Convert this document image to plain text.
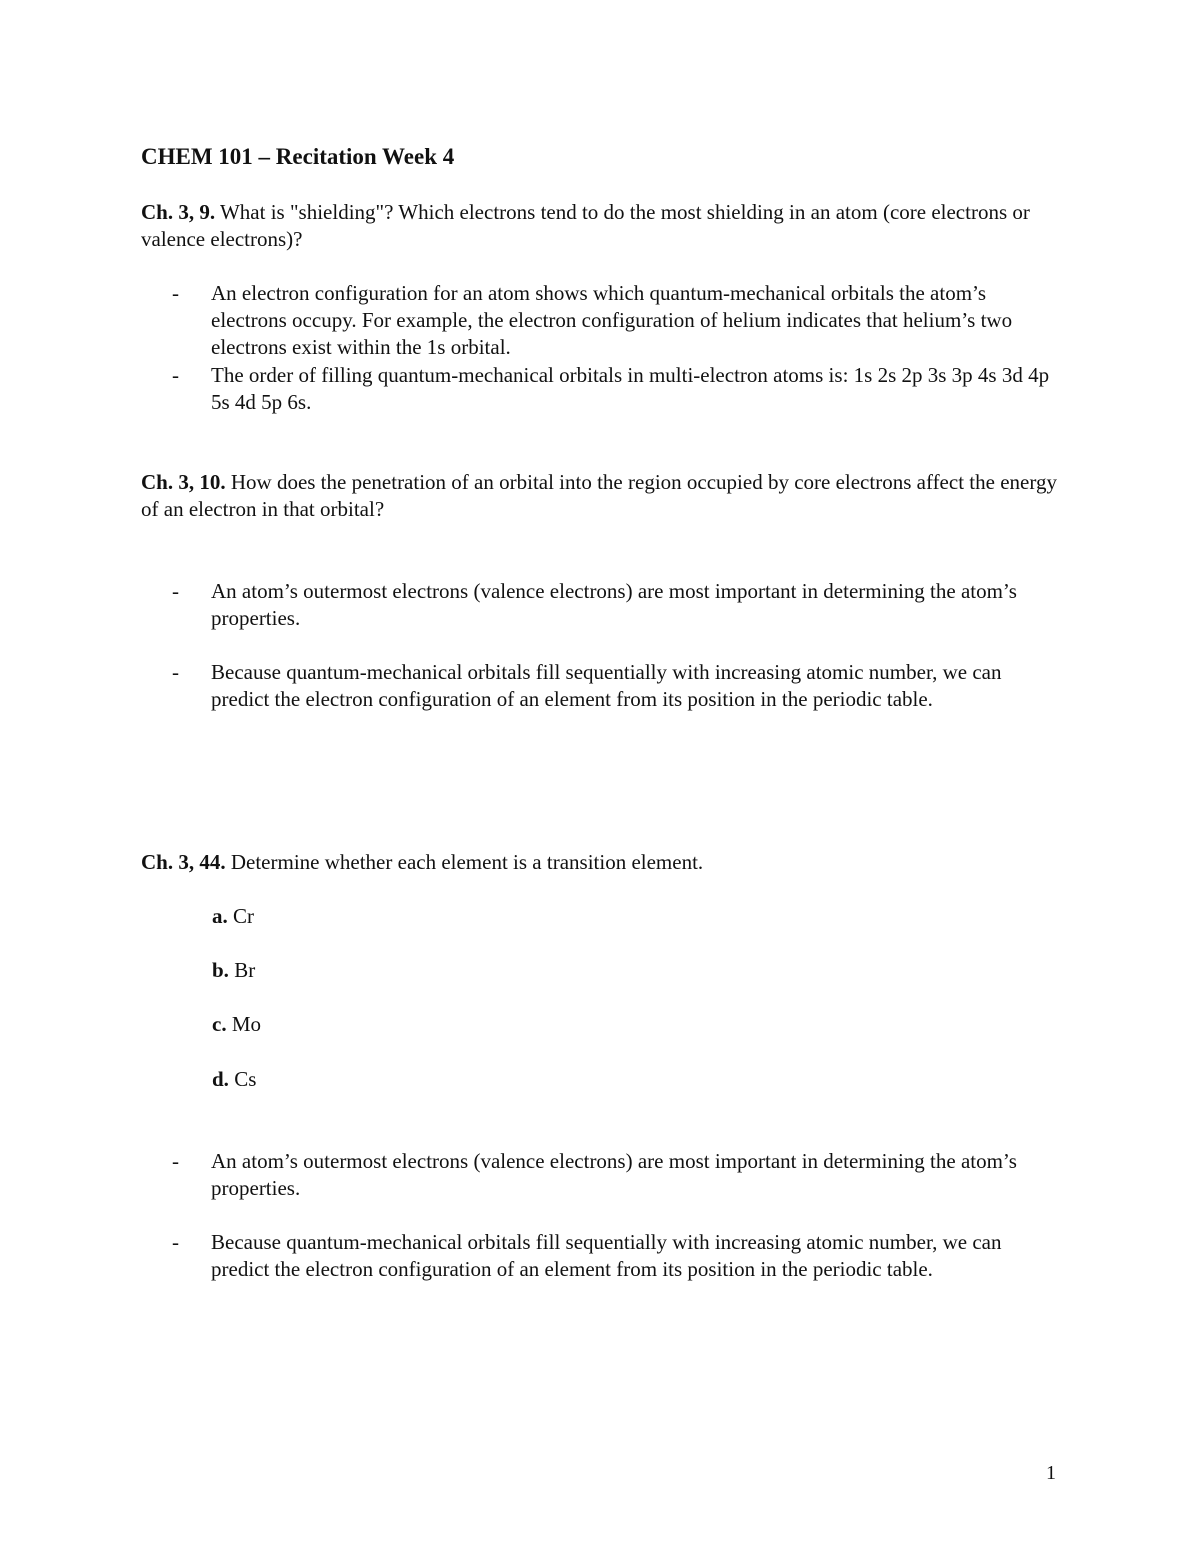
CHEM 101 – Recitation Week 4

Ch. 3, 9. What is "shielding"? Which electrons tend to do the most shielding in an atom (core electrons or valence electrons)?

- An electron configuration for an atom shows which quantum-mechanical orbitals the atom’s electrons occupy. For example, the electron configuration of helium indicates that helium’s two electrons exist within the 1s orbital.
- The order of filling quantum-mechanical orbitals in multi-electron atoms is: 1s 2s 2p 3s 3p 4s 3d 4p 5s 4d 5p 6s.

Ch. 3, 10. How does the penetration of an orbital into the region occupied by core electrons affect the energy of an electron in that orbital?

- An atom’s outermost electrons (valence electrons) are most important in determining the atom’s properties.
- Because quantum-mechanical orbitals fill sequentially with increasing atomic number, we can predict the electron configuration of an element from its position in the periodic table.

Ch. 3, 44. Determine whether each element is a transition element.

a. Cr
b. Br
c. Mo
d. Cs
- An atom’s outermost electrons (valence electrons) are most important in determining the atom’s properties.
- Because quantum-mechanical orbitals fill sequentially with increasing atomic number, we can predict the electron configuration of an element from its position in the periodic table.
1
